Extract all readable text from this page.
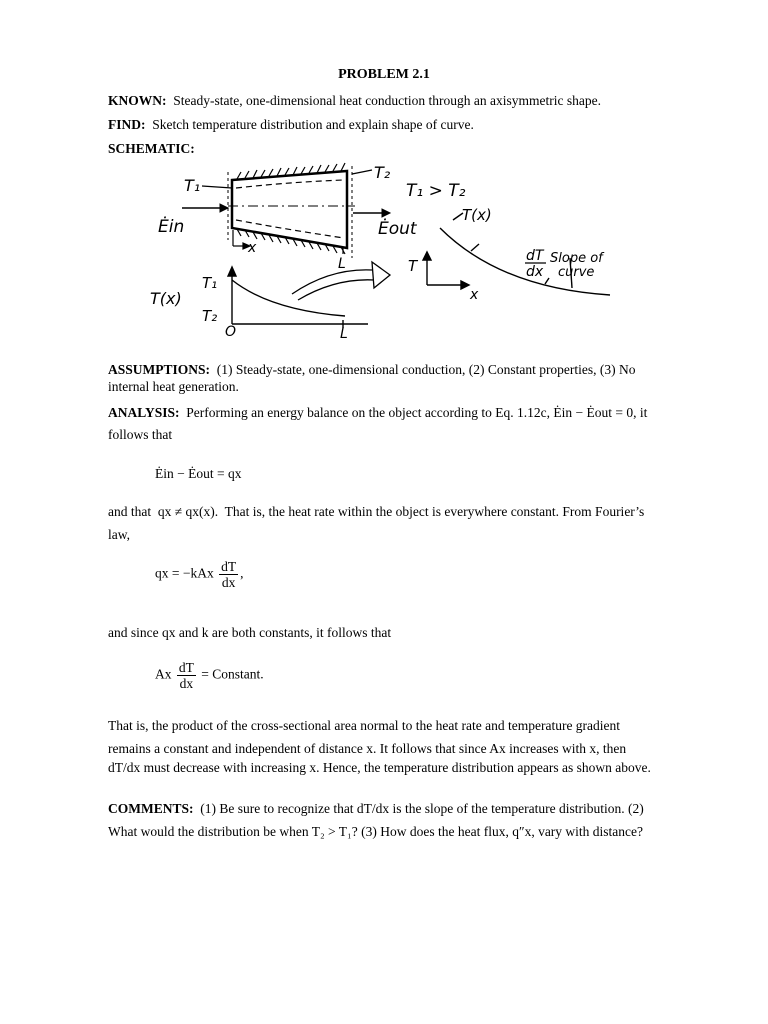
PROBLEM 2.1
KNOWN: Steady-state, one-dimensional heat conduction through an axisymmetric shape.
FIND: Sketch temperature distribution and explain shape of curve.
SCHEMATIC:
T₁
T₂
Ėin	Ėout
x
L
T₁ > T₂
T(x)
dT
dx
Slope of
curve
T
x
T(x)
T₁
T₂
O	L
ASSUMPTIONS: (1) Steady-state, one-dimensional conduction, (2) Constant properties, (3) No
internal heat generation.
ANALYSIS: Performing an energy balance on the object according to Eq. 1.12c, Ėin − Ėout = 0, it
follows that
Ėin − Ėout = qx
and that qx ≠ qx(x). That is, the heat rate within the object is everywhere constant. From Fourier’s
law,
qx = $-kAx \frac{dT}{dx}$ ,
and since qx and k are both constants, it follows that
Ax $\frac{dT}{dx}$ = Constant.
That is, the product of the cross-sectional area normal to the heat rate and temperature gradient
remains a constant and independent of distance x. It follows that since Ax increases with x, then
dT/dx must decrease with increasing x. Hence, the temperature distribution appears as shown above.
COMMENTS: (1) Be sure to recognize that dT/dx is the slope of the temperature distribution. (2)
What would the distribution be when T₂ > T₁? (3) How does the heat flux, q″x, vary with distance?
